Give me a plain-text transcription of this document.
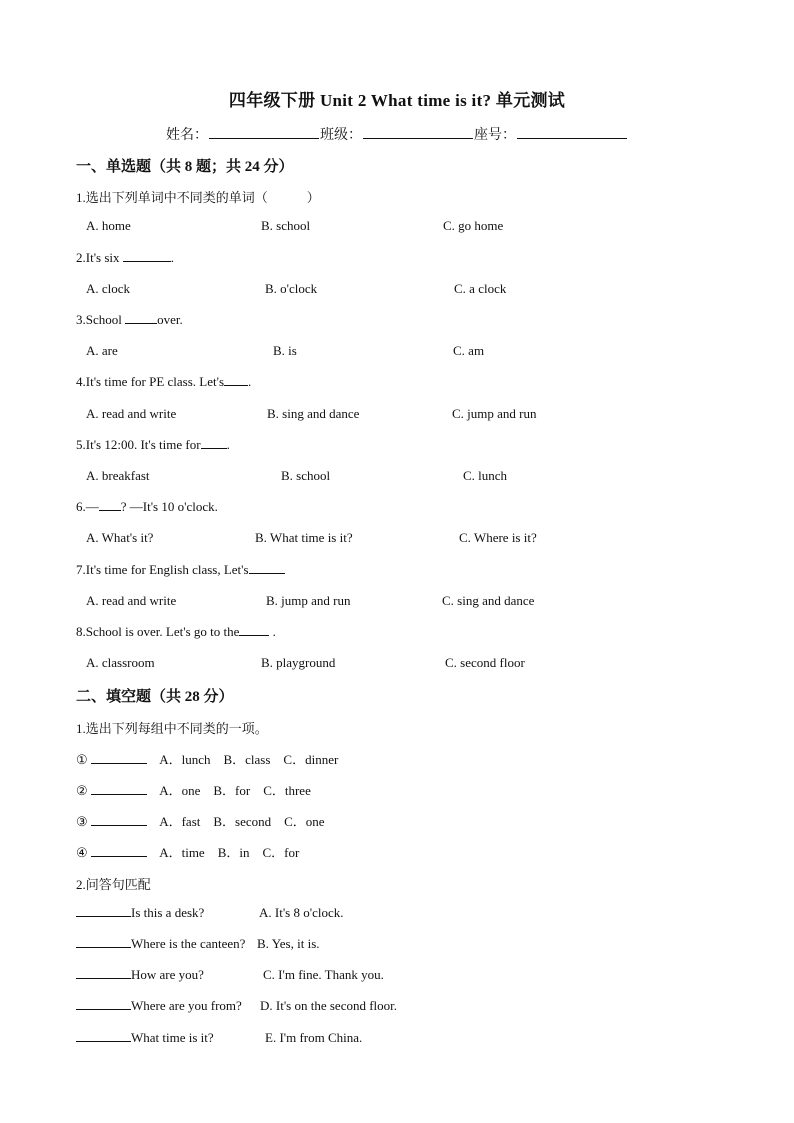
四年级下册 Unit 2 What time is it? 单元测试
姓名：	班级：	座号：
一、单选题（共 8 题；共 24 分）
1.选出下列单词中不同类的单词（　　　）
A. home	B. school	C. go home
2.It's six	.
A. clock	B. o'clock	C. a clock
3.School	over.
A. are	B. is	C. am
4.It's time for PE class. Let's .
A. read and write	B. sing and dance	C. jump and run
5.It's 12:00. It's time for .
A. breakfast	B. school	C. lunch
6.— ? —It's 10 o'clock.
A. What's it?	B. What time is it?	C. Where is it?
7.It's time for English class, Let's
A. read and write	B. jump and run	C. sing and dance
8.School is over. Let's go to the .
A. classroom	B. playground	C. second floor
二、填空题（共 28 分）
1.选出下列每组中不同类的一项。
①	A．lunch　B．class　C．dinner
②	A．one　B．for　C．three
③	A．fast　B．second　C．one
④	A．time　B．in　C．for
2.问答句匹配
Is this a desk?	A. It's 8 o'clock.
Where is the canteen? B. Yes, it is.
How are you?	C. I'm fine. Thank you.
Where are you from? D. It's on the second floor.
What time is it?	E. I'm from China.
